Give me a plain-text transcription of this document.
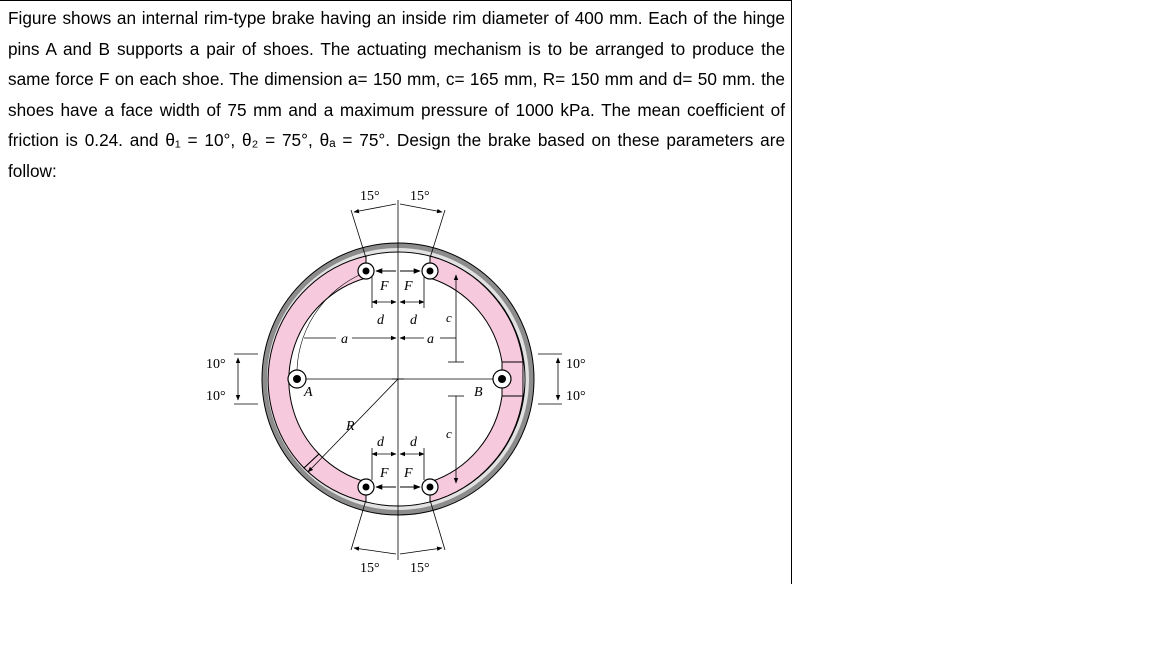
Figure shows an internal rim-type brake having an inside rim diameter of 400 mm. Each of the hinge pins A and B supports a pair of shoes. The actuating mechanism is to be arranged to produce the same force F on each shoe. The dimension a= 150 mm, c= 165 mm, R= 150 mm and d= 50 mm. the shoes have a face width of 75 mm and a maximum pressure of 1000 kPa. The mean coefficient of friction is 0.24. and θ₁ = 10°, θ₂ = 75°, θₐ = 75°. Design the brake based on these parameters are follow:

R
A	B
F F
F F
d d
d d
a	a
c
c
15° 15°
15° 15°
10°
10°
10°
10°
